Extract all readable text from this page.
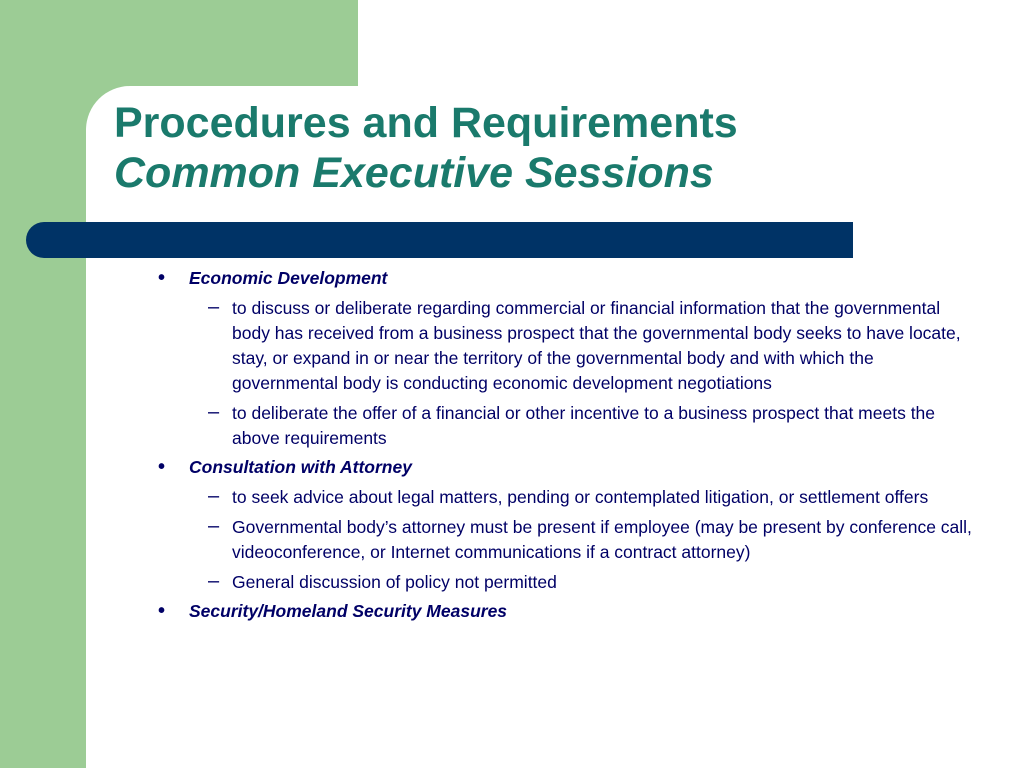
Procedures and Requirements
Common Executive Sessions
• Economic Development
– to discuss or deliberate regarding commercial or financial information that the governmental body has received from a business prospect that the governmental body seeks to have locate, stay, or expand in or near the territory of the governmental body and with which the governmental body is conducting economic development negotiations
– to deliberate the offer of a financial or other incentive to a business prospect that meets the above requirements
• Consultation with Attorney
– to seek advice about legal matters, pending or contemplated litigation, or settlement offers
– Governmental body’s attorney must be present if employee (may be present by conference call, videoconference, or Internet communications if a contract attorney)
– General discussion of policy not permitted
• Security/Homeland Security Measures
